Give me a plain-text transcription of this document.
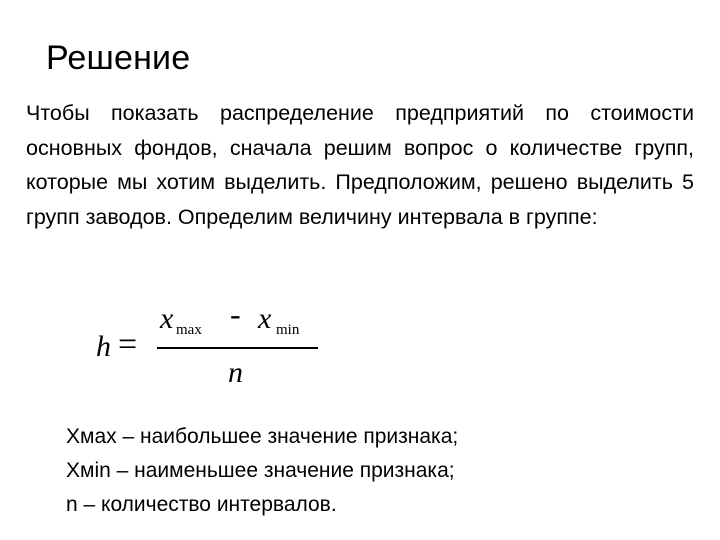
Решение
Чтобы показать распределение предприятий по стоимости основных фондов, сначала решим вопрос о количестве групп, которые мы хотим выделить. Предположим, решено выделить 5 групп заводов. Определим величину интервала в группе:
h =
x max - x min
n
Xмах – наибольшее значение признака;
Xмin – наименьшее значение признака;
n – количество интервалов.
